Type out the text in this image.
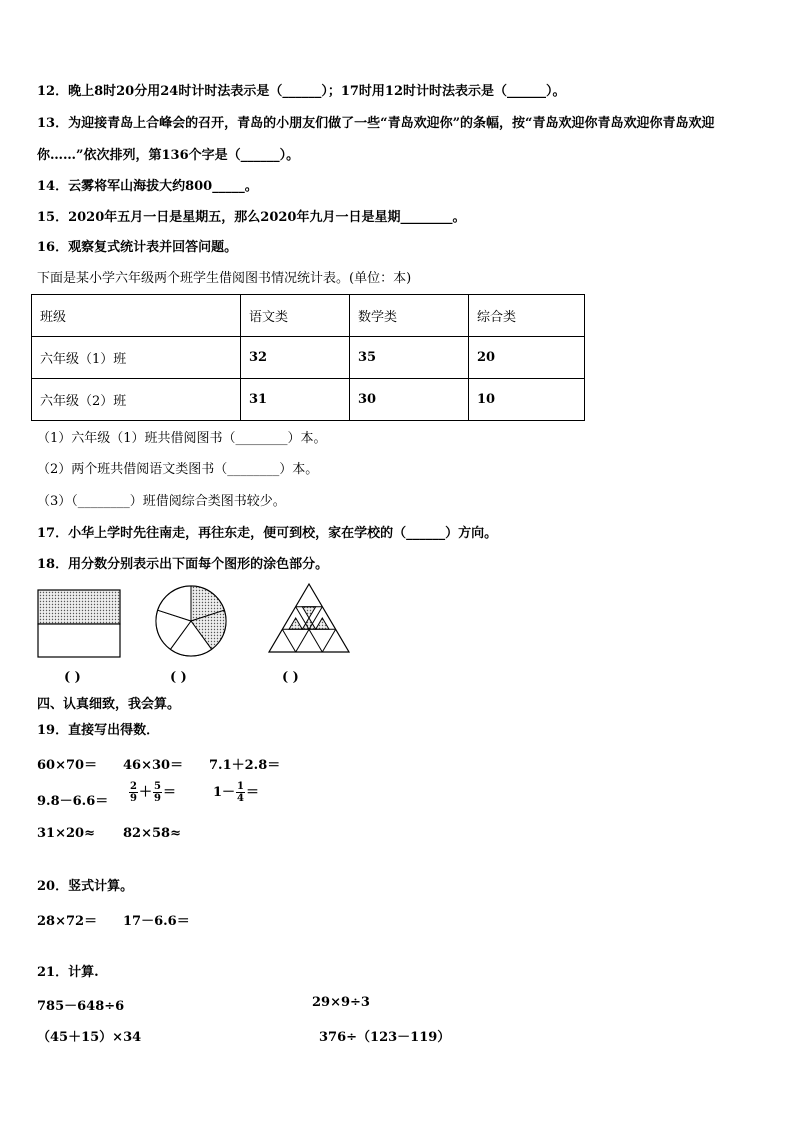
12．晚上8时20分用24时计时法表示是（______）；17时用12时计时法表示是（______）。
13．为迎接青岛上合峰会的召开，青岛的小朋友们做了一些“青岛欢迎你”的条幅，按“青岛欢迎你青岛欢迎你青岛欢迎
你……”依次排列，第136个字是（______）。
14．云雾将军山海拔大约800_____。
15．2020年五月一日是星期五，那么2020年九月一日是星期________。
16．观察复式统计表并回答问题。
下面是某小学六年级两个班学生借阅图书情况统计表。(单位：本)
班级	语文类	数学类	综合类
六年级（1）班	32	35	20
六年级（2）班	31	30	10
（1）六年级（1）班共借阅图书（________）本。
（2）两个班共借阅语文类图书（________）本。
（3）（________）班借阅综合类图书较少。
17．小华上学时先往南走，再往东走，便可到校，家在学校的（______）方向。
18．用分数分别表示出下面每个图形的涂色部分。
( )	( )	( )
四、认真细致，我会算。
19．直接写出得数．
60×70＝ 46×30＝ 7.1＋2.8＝
$9.8-6.6= \frac{2}{9} + \frac{5}{9}$ ＝	$1- \frac{1}{4}$ ＝
31×20≈ 82×58≈
20．竖式计算。
28×72＝ 17－6.6＝
21．计算.
785－648÷6	29×9÷3
（45＋15）×34	376÷（123－119）
